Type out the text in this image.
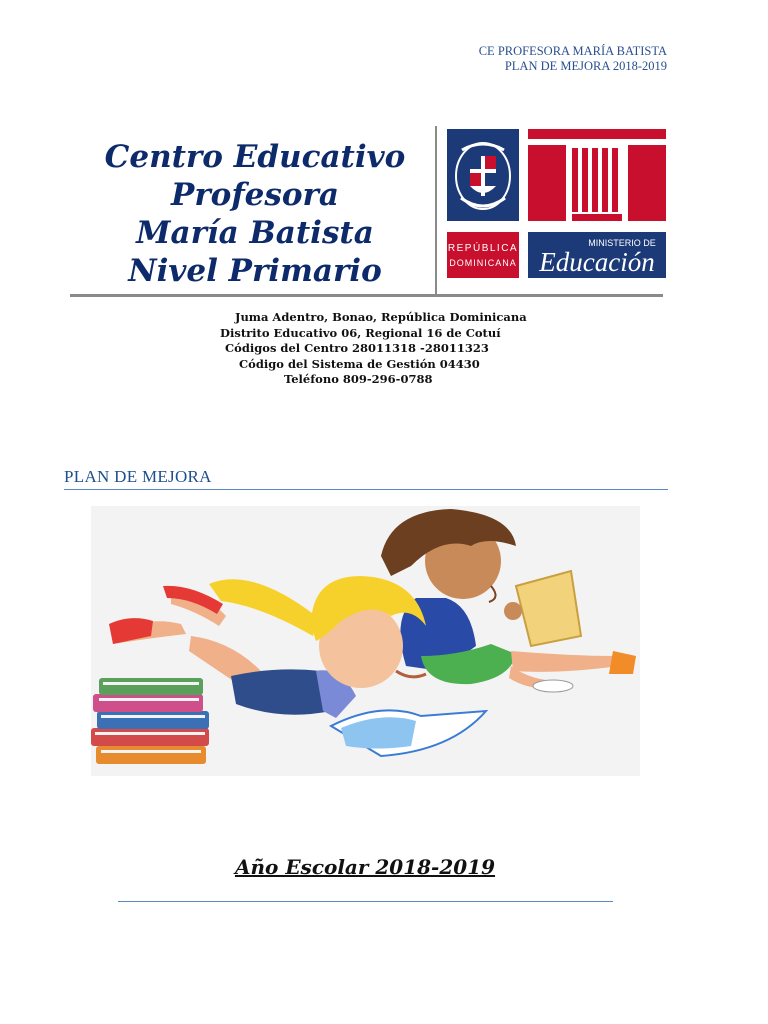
CE PROFESORA MARÍA BATISTA
PLAN DE MEJORA 2018-2019
Centro Educativo
Profesora
María Batista
Nivel Primario
REPÚBLICA
DOMINICANA
MINISTERIO DE
Educación
Juma Adentro, Bonao, República Dominicana
Distrito Educativo 06, Regional 16 de Cotuí
Códigos del Centro 28011318 -28011323
Código del Sistema de Gestión 04430
Teléfono 809-296-0788
PLAN DE MEJORA
Año Escolar 2018-2019
